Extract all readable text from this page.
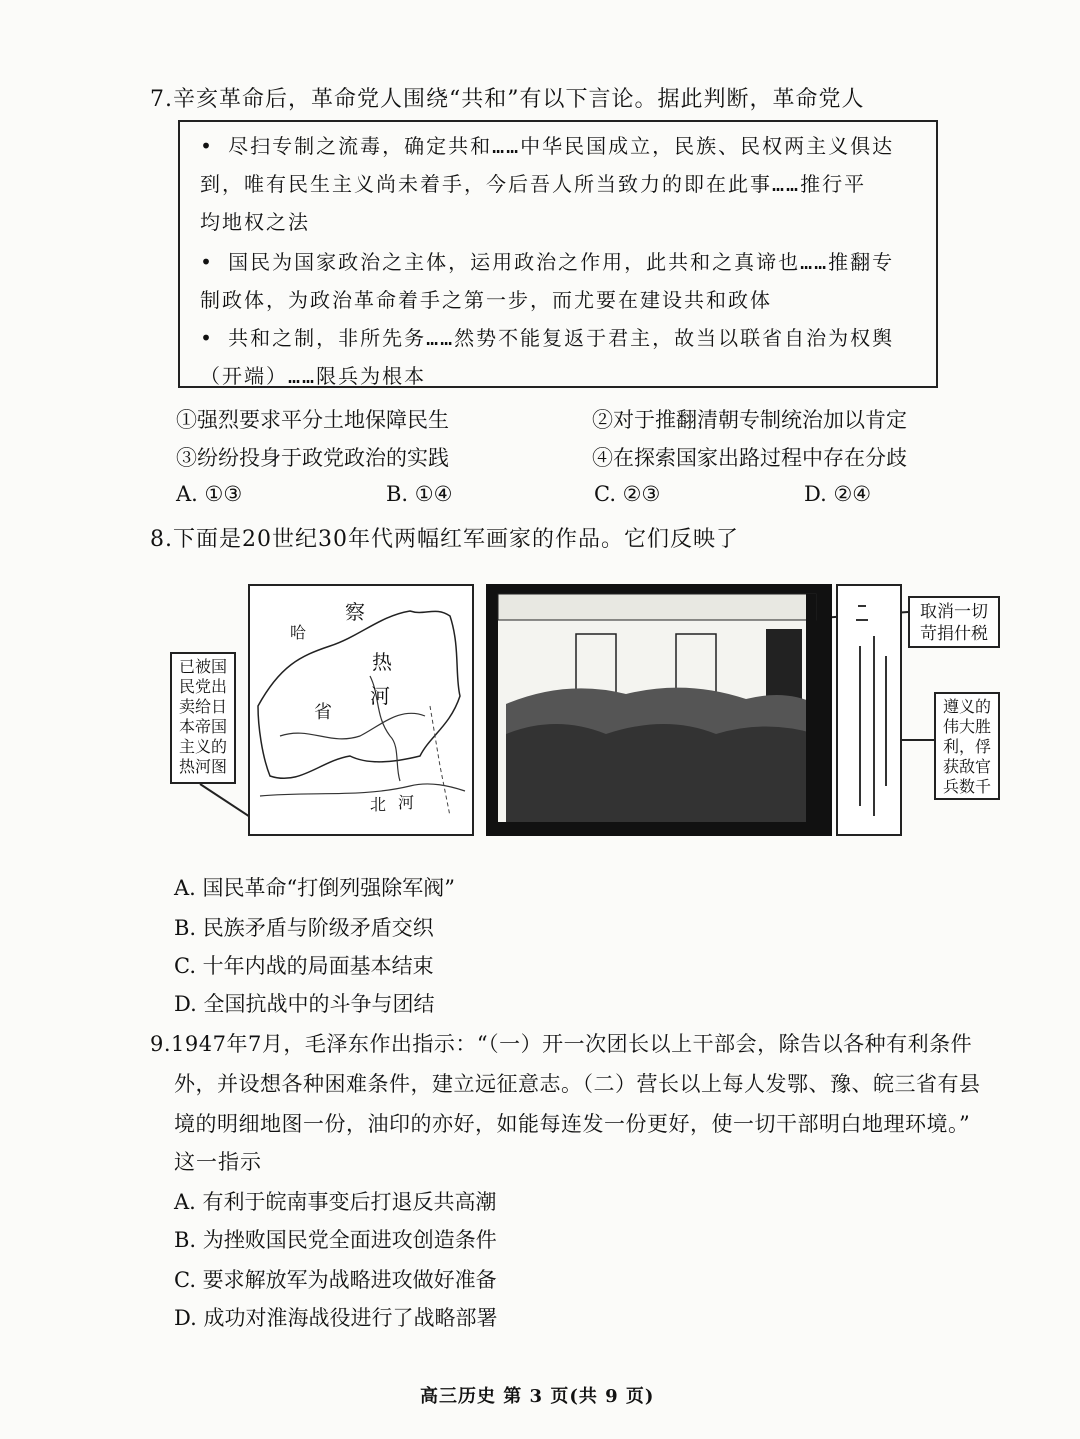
7.辛亥革命后，革命党人围绕“共和”有以下言论。据此判断，革命党人
• 尽扫专制之流毒，确定共和……中华民国成立，民族、民权两主义俱达
到，唯有民生主义尚未着手，今后吾人所当致力的即在此事……推行平
均地权之法
• 国民为国家政治之主体，运用政治之作用，此共和之真谛也……推翻专
制政体，为政治革命着手之第一步，而尤要在建设共和政体
• 共和之制，非所先务……然势不能复返于君主，故当以联省自治为权舆
（开端）……限兵为根本
①强烈要求平分土地保障民生	②对于推翻清朝专制统治加以肯定
③纷纷投身于政党政治的实践	④在探索国家出路过程中存在分歧
A. ①③	B. ①④	C. ②③	D. ②④
8.下面是20世纪30年代两幅红军画家的作品。它们反映了
已被国
民党出
卖给日
本帝国
主义的
热河图
察
哈
热
河
省
北 河
取消一切
苛捐什税
遵义的
伟大胜
利，俘
获敌官
兵数千
A. 国民革命“打倒列强除军阀”
B. 民族矛盾与阶级矛盾交织
C. 十年内战的局面基本结束
D. 全国抗战中的斗争与团结
9.1947年7月，毛泽东作出指示：“（一）开一次团长以上干部会，除告以各种有利条件
外，并设想各种困难条件，建立远征意志。（二）营长以上每人发鄂、豫、皖三省有县
境的明细地图一份，油印的亦好，如能每连发一份更好，使一切干部明白地理环境。”
这一指示
A. 有利于皖南事变后打退反共高潮
B. 为挫败国民党全面进攻创造条件
C. 要求解放军为战略进攻做好准备
D. 成功对淮海战役进行了战略部署
高三历史 第 3 页(共 9 页)
